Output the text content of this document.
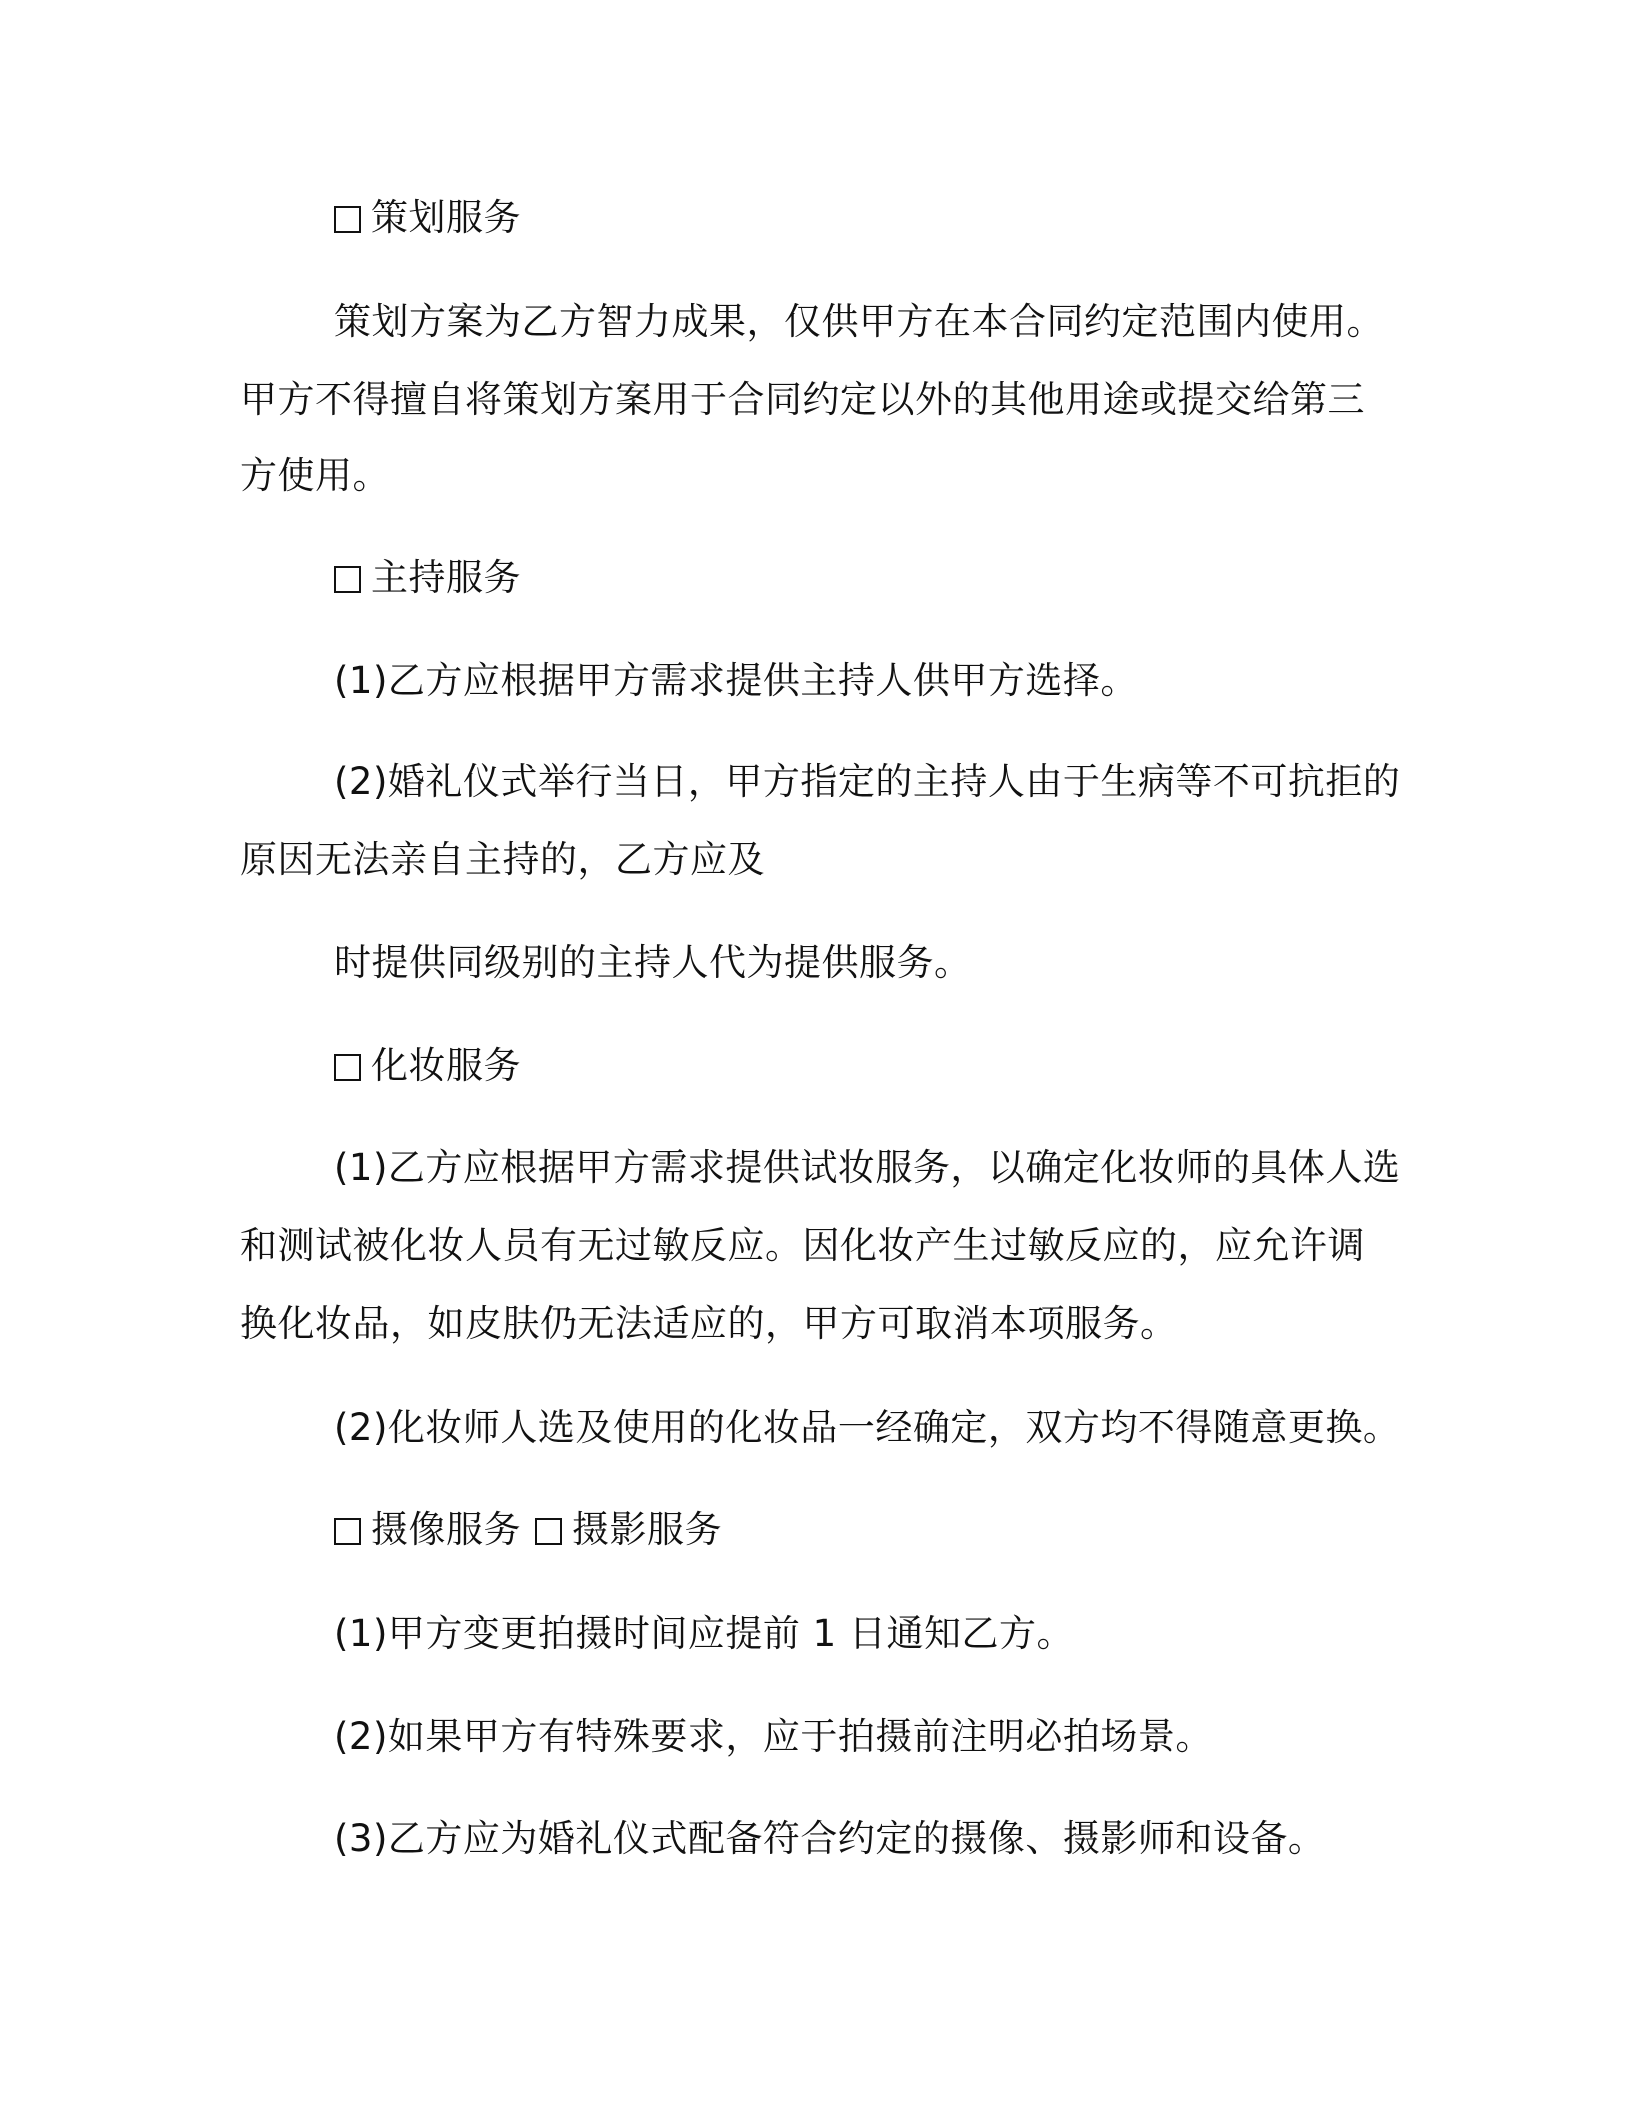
策划服务
策划方案为乙方智力成果，仅供甲方在本合同约定范围内使用。
甲方不得擅自将策划方案用于合同约定以外的其他用途或提交给第三
方使用。
主持服务
(1)乙方应根据甲方需求提供主持人供甲方选择。
(2)婚礼仪式举行当日，甲方指定的主持人由于生病等不可抗拒的
原因无法亲自主持的，乙方应及
时提供同级别的主持人代为提供服务。
化妆服务
(1)乙方应根据甲方需求提供试妆服务，以确定化妆师的具体人选
和测试被化妆人员有无过敏反应。因化妆产生过敏反应的，应允许调
换化妆品，如皮肤仍无法适应的，甲方可取消本项服务。
(2)化妆师人选及使用的化妆品一经确定，双方均不得随意更换。
摄像服务 摄影服务
(1)甲方变更拍摄时间应提前 1 日通知乙方。
(2)如果甲方有特殊要求，应于拍摄前注明必拍场景。
(3)乙方应为婚礼仪式配备符合约定的摄像、摄影师和设备。
